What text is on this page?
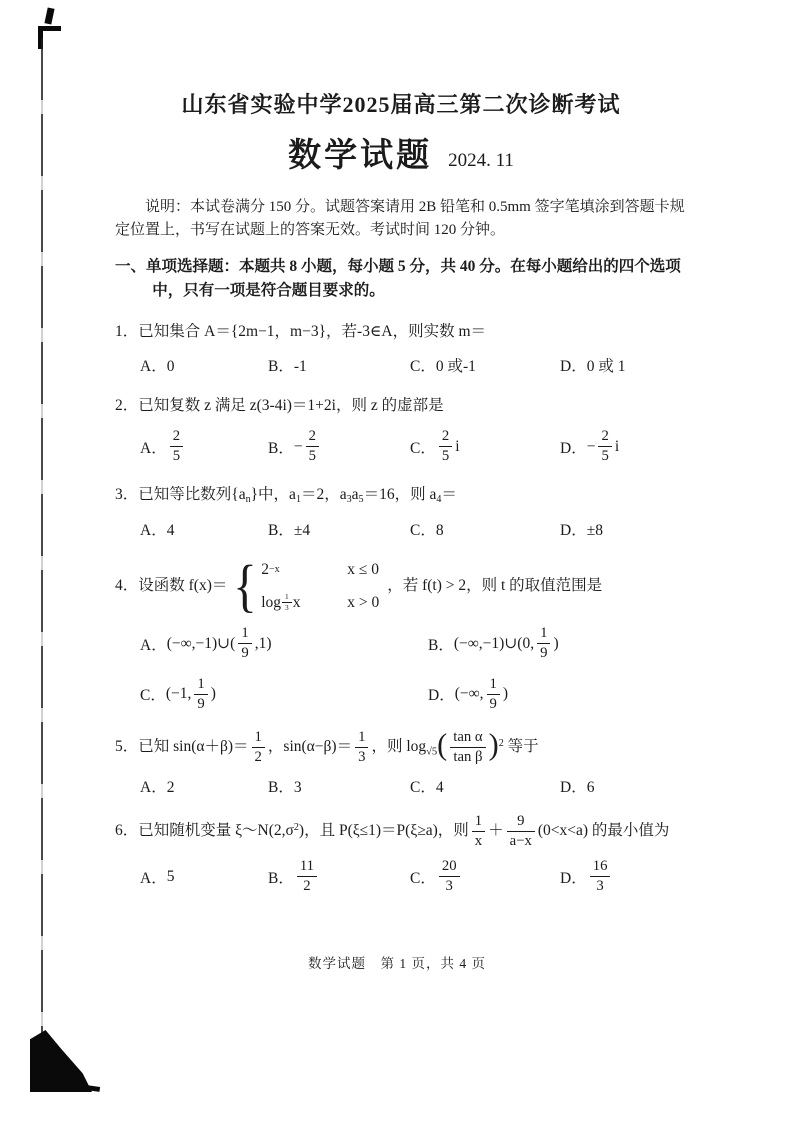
山东省实验中学2025届高三第二次诊断考试
数学试题 2024. 11

说明：本试卷满分 150 分。试题答案请用 2B 铅笔和 0.5mm 签字笔填涂到答题卡规定位置上，书写在试题上的答案无效。考试时间 120 分钟。

一、单项选择题：本题共 8 小题，每小题 5 分，共 40 分。在每小题给出的四个选项中，只有一项是符合题目要求的。

1．已知集合 A＝{2m−1，m−3}，若-3∈A，则实数 m＝
A．0	B．-1	C．0 或-1	D．0 或 1
2．已知复数 z 满足 z(3-4i)＝1+2i，则 z 的虚部是
A． $\frac{2}{5}$	B． − $\frac{2}{5}$	C． $\frac{2}{5}$ i	D． − $\frac{2}{5}$ i
3．已知等比数列$\{a_n\}$中，$a_1=2$，$a_3a_5=16$，则 $a_4=$
A．4	B．±4	C．8	D．±8
4．设函数 f(x)＝ { 2 −x	x ≤ 0
$\log \frac{1}{3}$ x	x > 0
，若 f(t) > 2，则 t 的取值范围是
A． (−∞,−1)∪( $\frac{1}{9} ,1$)	B． (−∞,−1)∪(0, $\frac{1}{9}$ )
C． (−1, $\frac{1}{9}$ )	D． (−∞, $\frac{1}{9}$ )
5．已知 $\sin(\alpha+\beta)= \frac{1}{2}$ ，$\sin(\alpha-\beta)= \frac{1}{3}$ ，则 $\log_{√5}( \frac{\text{tan α}}{\text{tan β}} )^2$ 等于
A．2	B．3	C．4	D．6
6．已知随机变量 $\xi\sim N(2,\sigma^2)$，且 P(ξ≤1)＝P(ξ≥a)，则 $\frac{1}{x} + \frac{9}{a-x} (0<x<a)$ 的最小值为
A． 5	B． $\frac{11}{2}$	C． $\frac{20}{3}$	D． $\frac{16}{3}$
数学试题　第 1 页，共 4 页
